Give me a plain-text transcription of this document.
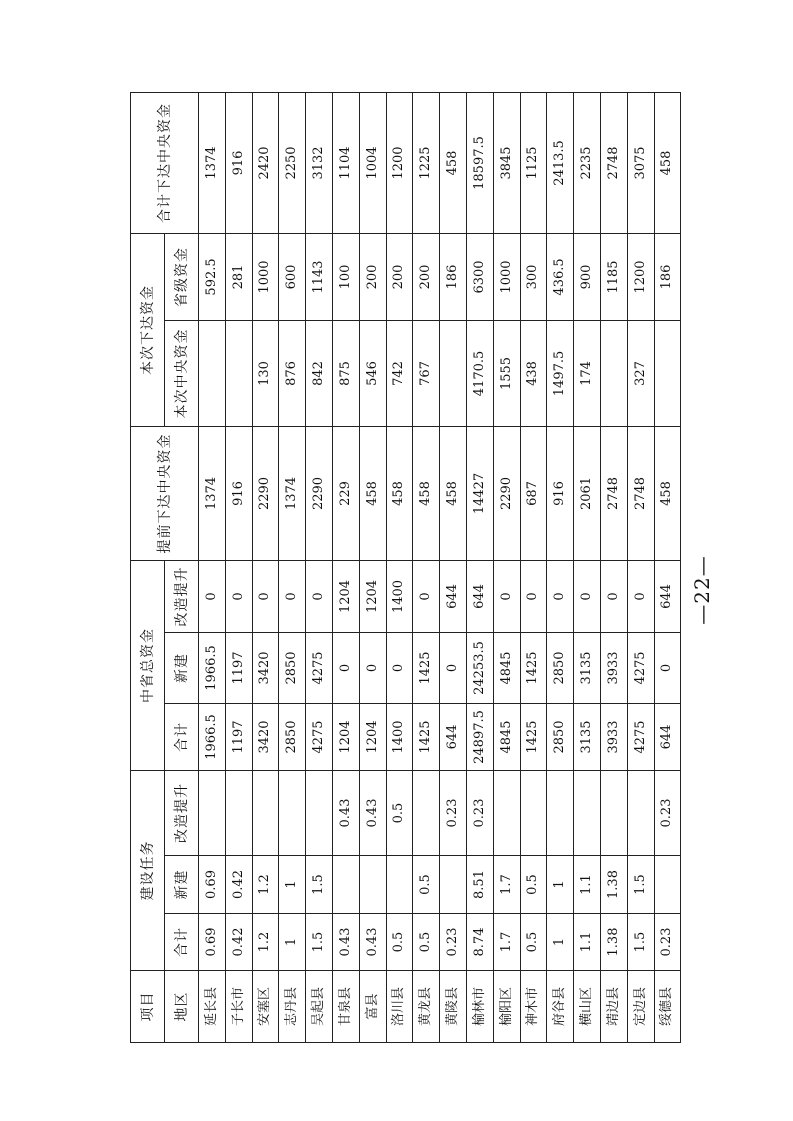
项目	建设任务			中省总资金			提前下达中央资金	本次下达资金		合计下达中央资金
地区	合计	新建	改造提升	合计	新建	改造提升		本次中央资金	省级资金	
延长县	0.69	0.69		1966.5	1966.5	0	1374		592.5	1374
子长市	0.42	0.42		1197	1197	0	916		281	916
安塞区	1.2	1.2		3420	3420	0	2290	130	1000	2420
志丹县	1	1		2850	2850	0	1374	876	600	2250
吴起县	1.5	1.5		4275	4275	0	2290	842	1143	3132
甘泉县	0.43		0.43	1204	0	1204	229	875	100	1104
富县	0.43		0.43	1204	0	1204	458	546	200	1004
洛川县	0.5		0.5	1400	0	1400	458	742	200	1200
黄龙县	0.5	0.5		1425	1425	0	458	767	200	1225
黄陵县	0.23		0.23	644	0	644	458		186	458
榆林市	8.74	8.51	0.23	24897.5	24253.5	644	14427	4170.5	6300	18597.5
榆阳区	1.7	1.7		4845	4845	0	2290	1555	1000	3845
神木市	0.5	0.5		1425	1425	0	687	438	300	1125
府谷县	1	1		2850	2850	0	916	1497.5	436.5	2413.5
横山区	1.1	1.1		3135	3135	0	2061	174	900	2235
靖边县	1.38	1.38		3933	3933	0	2748		1185	2748
定边县	1.5	1.5		4275	4275	0	2748	327	1200	3075
绥德县	0.23		0.23	644	0	644	458		186	458
—22—
